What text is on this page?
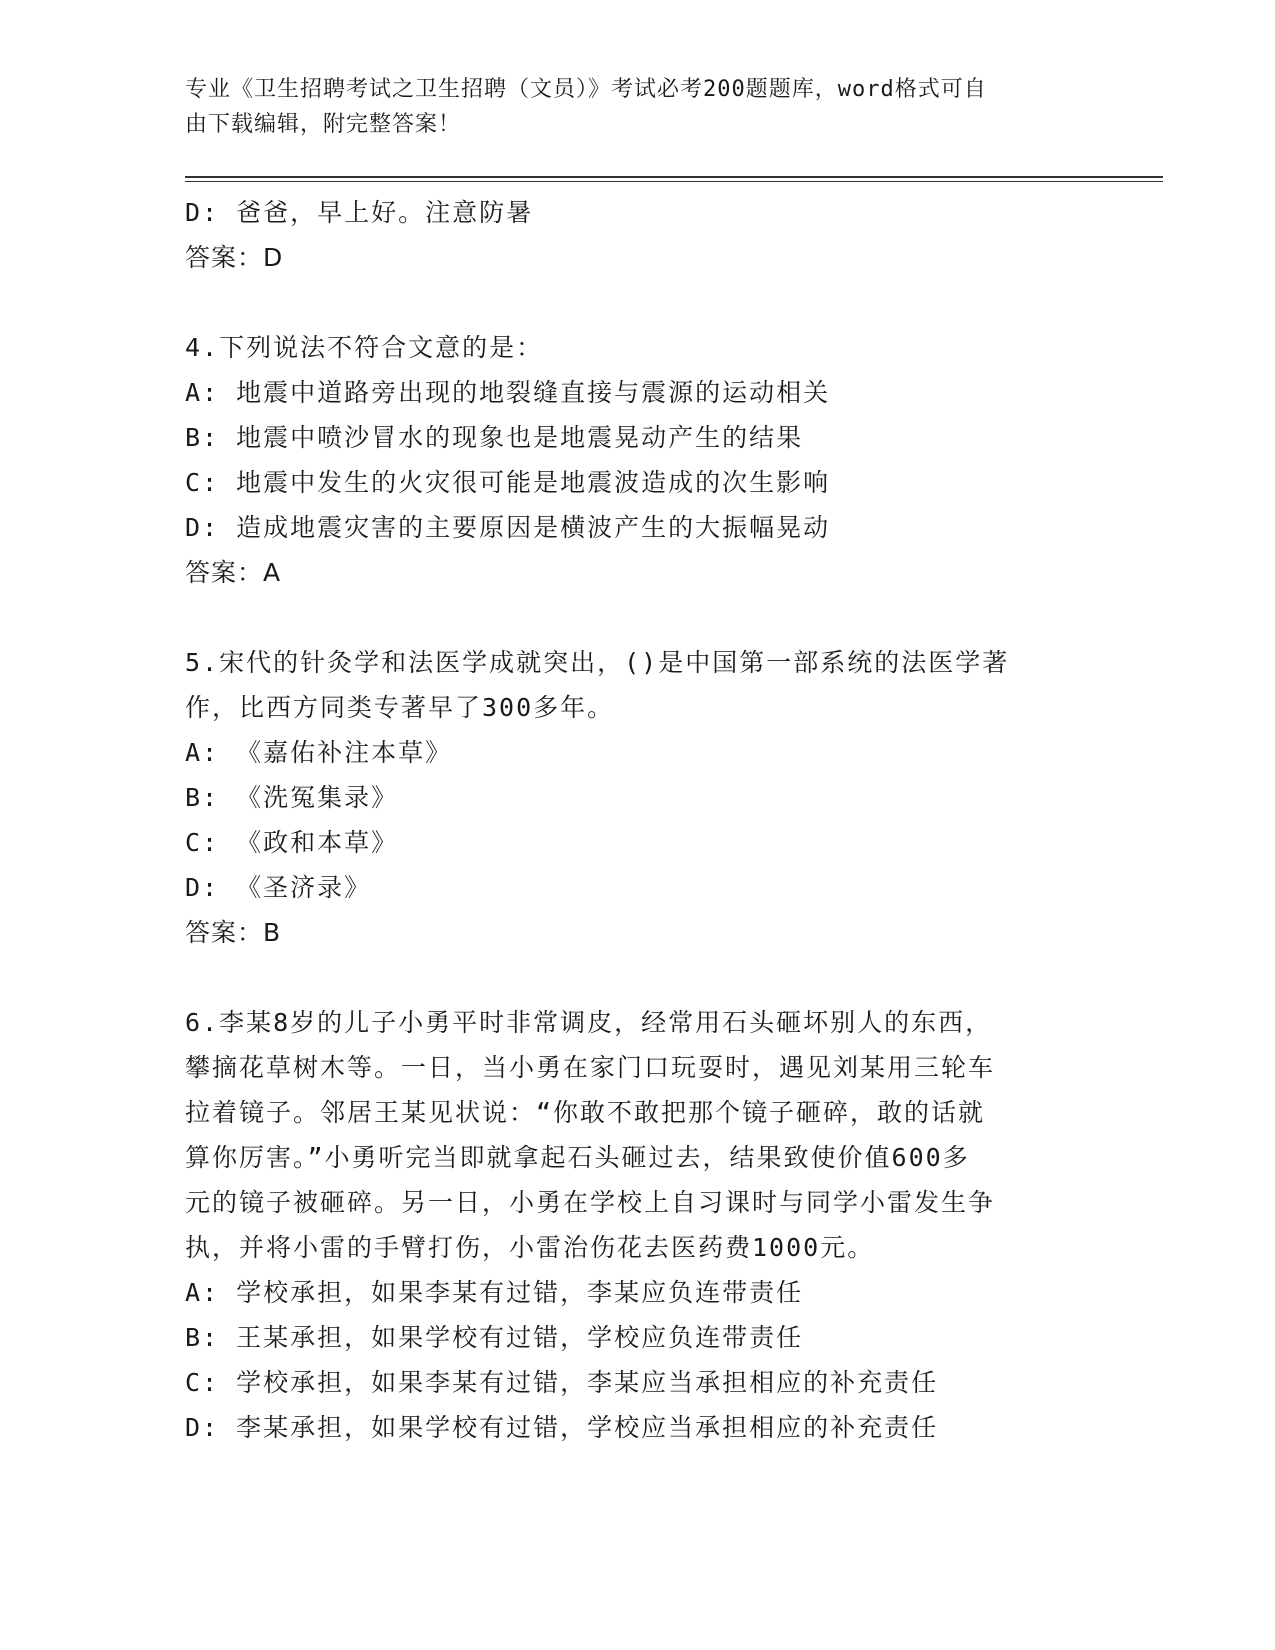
专业《卫生招聘考试之卫生招聘（文员）》考试必考200题题库，word格式可自
由下载编辑，附完整答案！
D: 爸爸，早上好。注意防暑
答案：D
4.下列说法不符合文意的是：
A: 地震中道路旁出现的地裂缝直接与震源的运动相关
B: 地震中喷沙冒水的现象也是地震晃动产生的结果
C: 地震中发生的火灾很可能是地震波造成的次生影响
D: 造成地震灾害的主要原因是横波产生的大振幅晃动
答案：A
5.宋代的针灸学和法医学成就突出，()是中国第一部系统的法医学著
作，比西方同类专著早了300多年。
A: 《嘉佑补注本草》
B: 《洗冤集录》
C: 《政和本草》
D: 《圣济录》
答案：B
6.李某8岁的儿子小勇平时非常调皮，经常用石头砸坏别人的东西，
攀摘花草树木等。一日，当小勇在家门口玩耍时，遇见刘某用三轮车
拉着镜子。邻居王某见状说：“你敢不敢把那个镜子砸碎，敢的话就
算你厉害。”小勇听完当即就拿起石头砸过去，结果致使价值600多
元的镜子被砸碎。另一日，小勇在学校上自习课时与同学小雷发生争
执，并将小雷的手臂打伤，小雷治伤花去医药费1000元。
A: 学校承担，如果李某有过错，李某应负连带责任
B: 王某承担，如果学校有过错，学校应负连带责任
C: 学校承担，如果李某有过错，李某应当承担相应的补充责任
D: 李某承担，如果学校有过错，学校应当承担相应的补充责任
